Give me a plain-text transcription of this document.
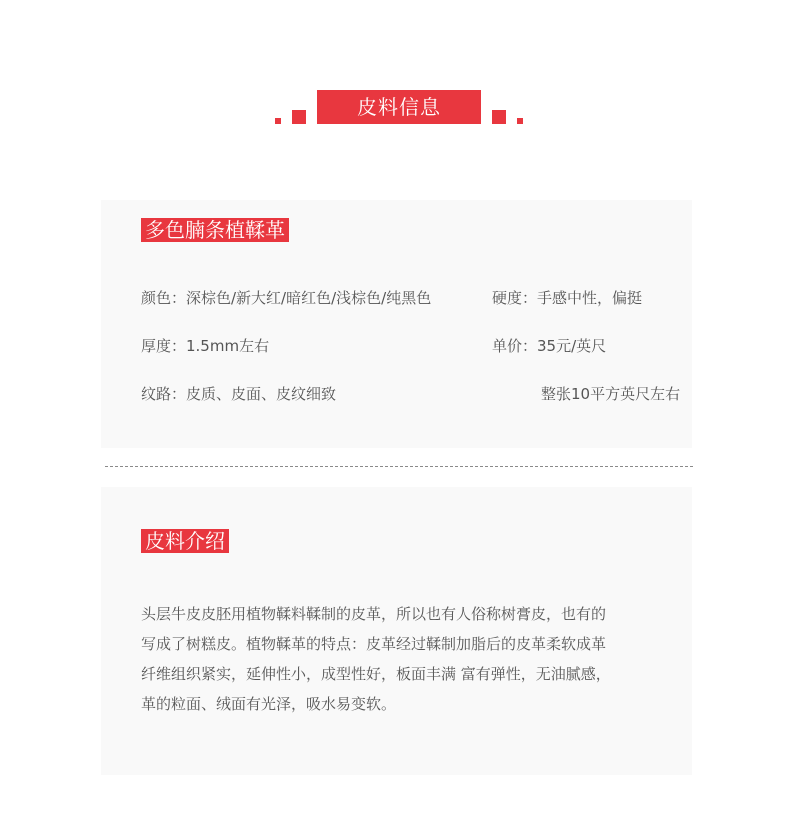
皮料信息
多色腩条植鞣革
颜色：深棕色/新大红/暗红色/浅棕色/纯黑色	硬度：手感中性，偏挺
厚度：1.5mm左右	单价：35元/英尺
纹路：皮质、皮面、皮纹细致	整张10平方英尺左右
皮料介绍
头层牛皮皮胚用植物鞣料鞣制的皮革，所以也有人俗称树膏皮，也有的
写成了树糕皮。植物鞣革的特点：皮革经过鞣制加脂后的皮革柔软成革
纤维组织紧实，延伸性小，成型性好，板面丰满 富有弹性，无油腻感，
革的粒面、绒面有光泽，吸水易变软。
